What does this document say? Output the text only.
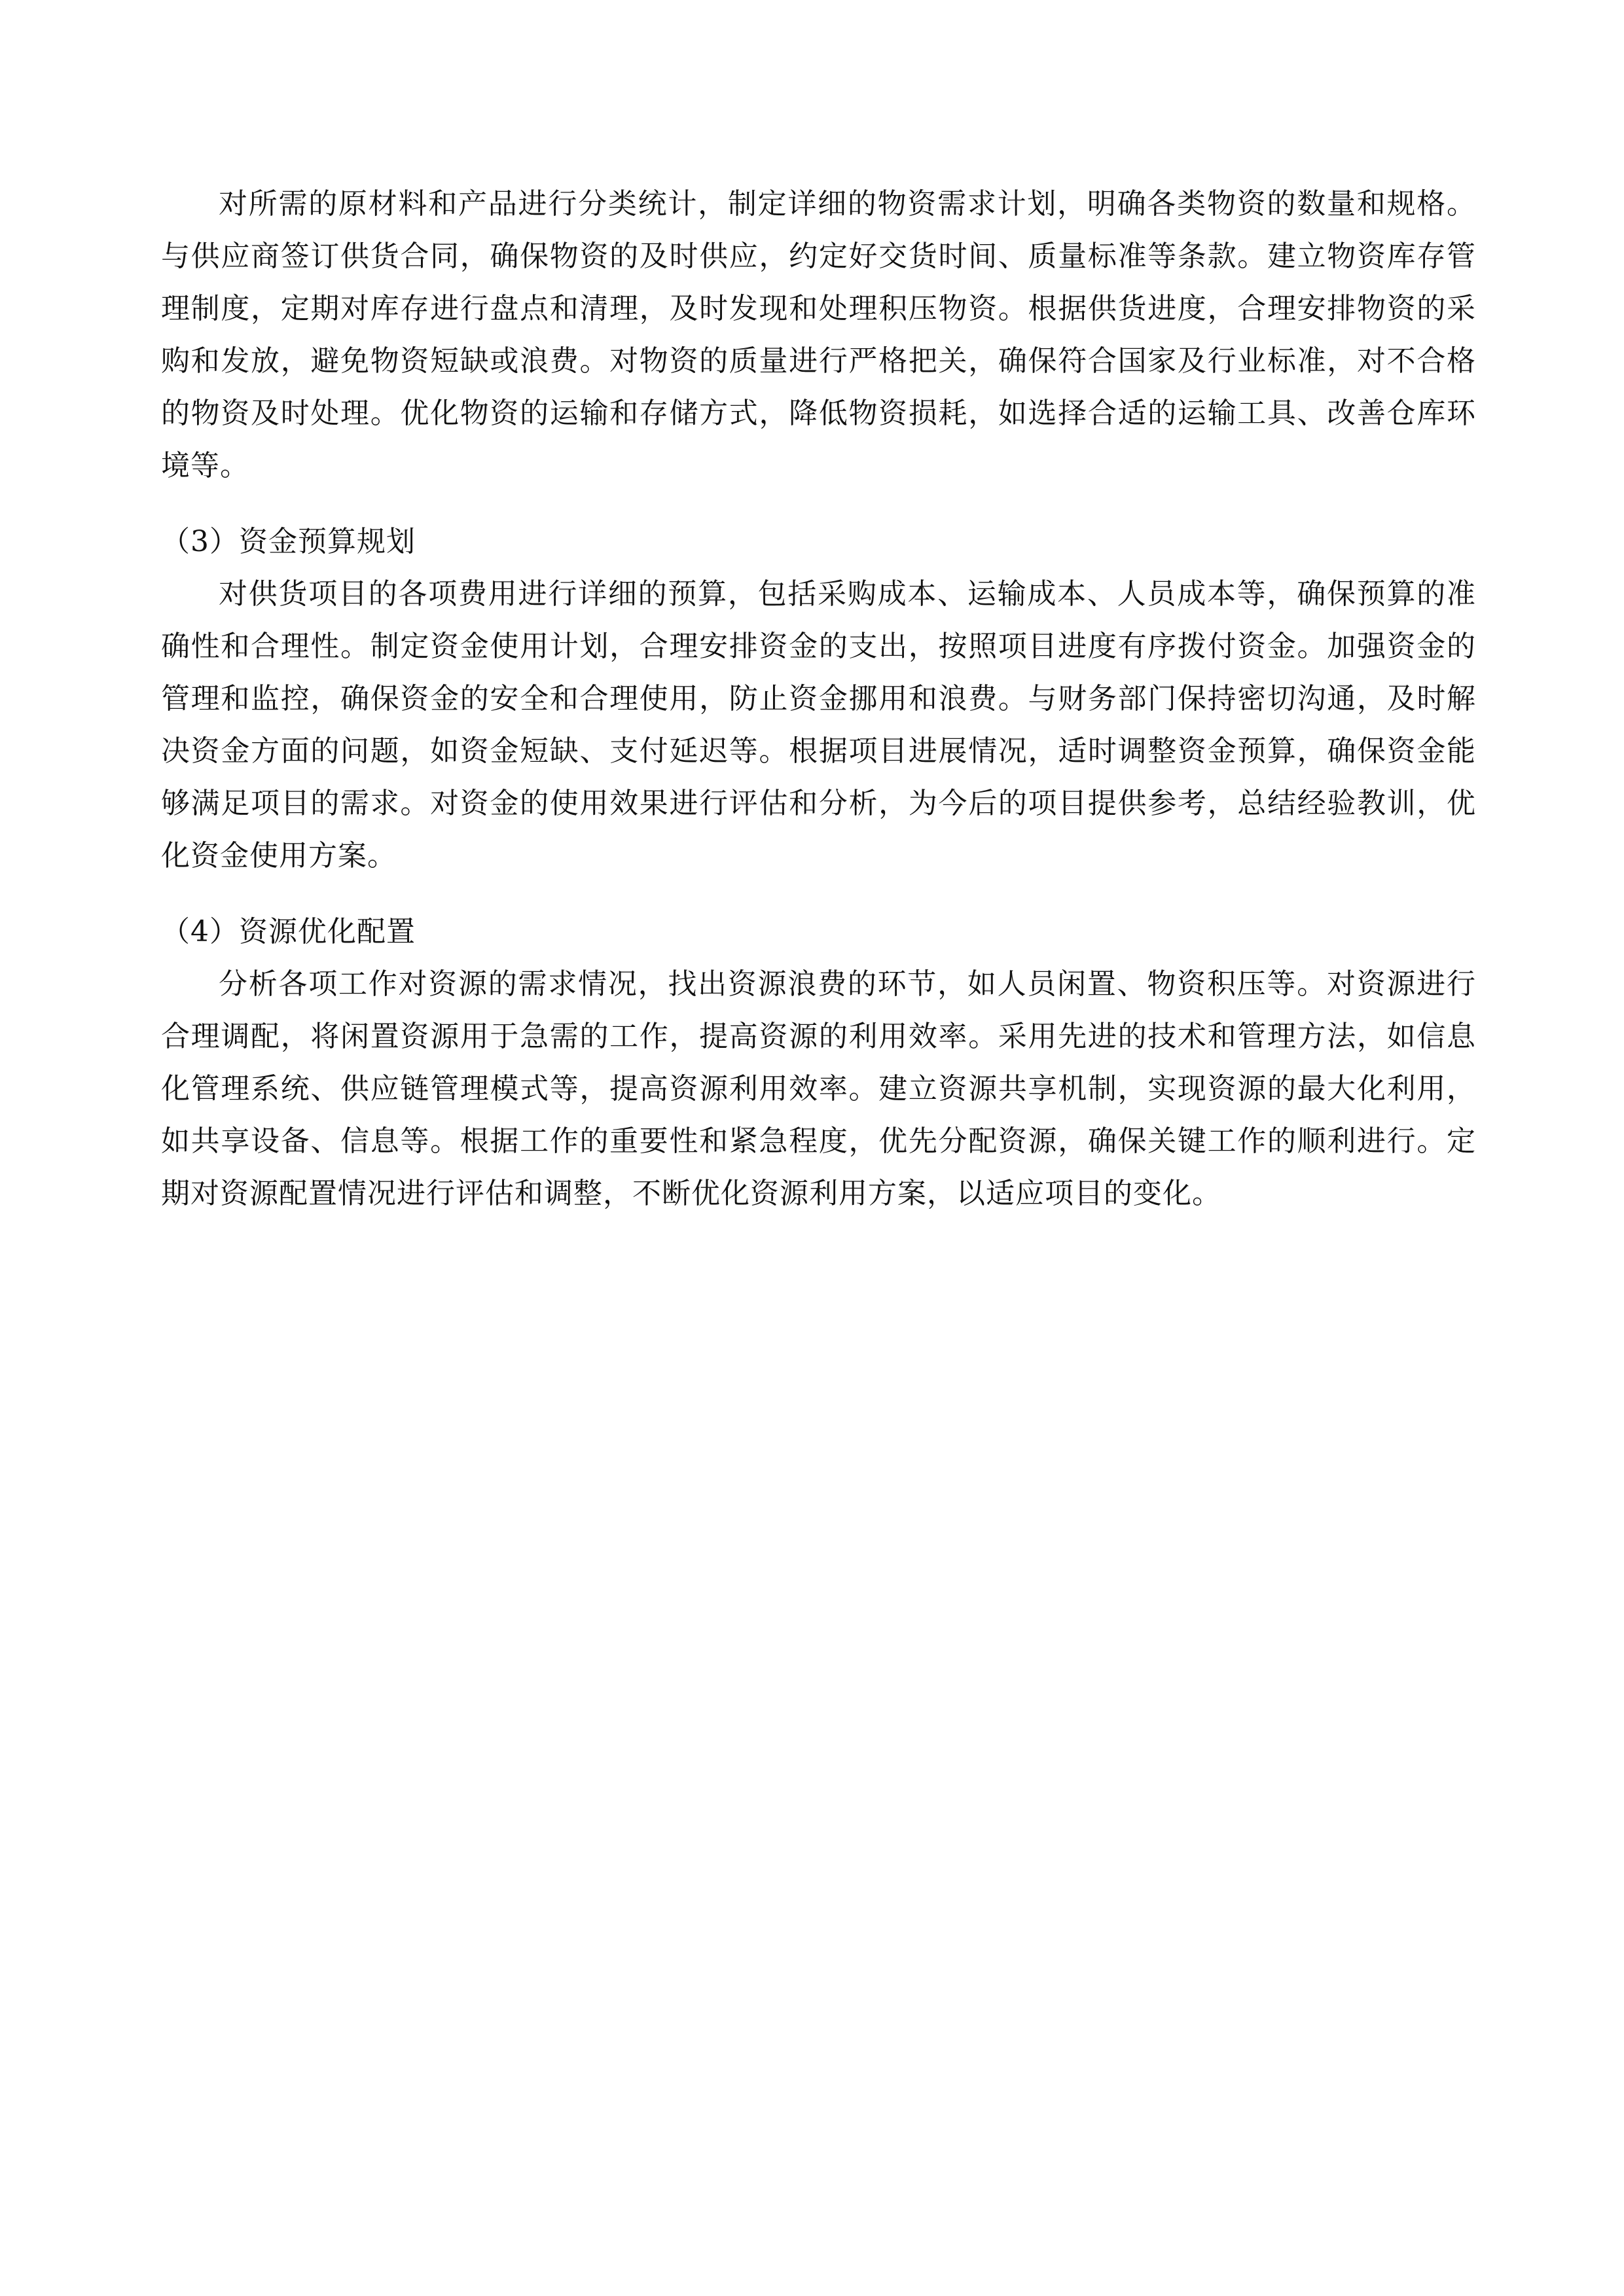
对所需的原材料和产品进行分类统计，制定详细的物资需求计划，明确各类物资的数量和规格。与供应商签订供货合同，确保物资的及时供应，约定好交货时间、质量标准等条款。建立物资库存管理制度，定期对库存进行盘点和清理，及时发现和处理积压物资。根据供货进度，合理安排物资的采购和发放，避免物资短缺或浪费。对物资的质量进行严格把关，确保符合国家及行业标准，对不合格的物资及时处理。优化物资的运输和存储方式，降低物资损耗，如选择合适的运输工具、改善仓库环境等。

（3）资金预算规划

对供货项目的各项费用进行详细的预算，包括采购成本、运输成本、人员成本等，确保预算的准确性和合理性。制定资金使用计划，合理安排资金的支出，按照项目进度有序拨付资金。加强资金的管理和监控，确保资金的安全和合理使用，防止资金挪用和浪费。与财务部门保持密切沟通，及时解决资金方面的问题，如资金短缺、支付延迟等。根据项目进展情况，适时调整资金预算，确保资金能够满足项目的需求。对资金的使用效果进行评估和分析，为今后的项目提供参考，总结经验教训，优化资金使用方案。

（4）资源优化配置

分析各项工作对资源的需求情况，找出资源浪费的环节，如人员闲置、物资积压等。对资源进行合理调配，将闲置资源用于急需的工作，提高资源的利用效率。采用先进的技术和管理方法，如信息化管理系统、供应链管理模式等，提高资源利用效率。建立资源共享机制，实现资源的最大化利用，如共享设备、信息等。根据工作的重要性和紧急程度，优先分配资源，确保关键工作的顺利进行。定期对资源配置情况进行评估和调整，不断优化资源利用方案，以适应项目的变化。
